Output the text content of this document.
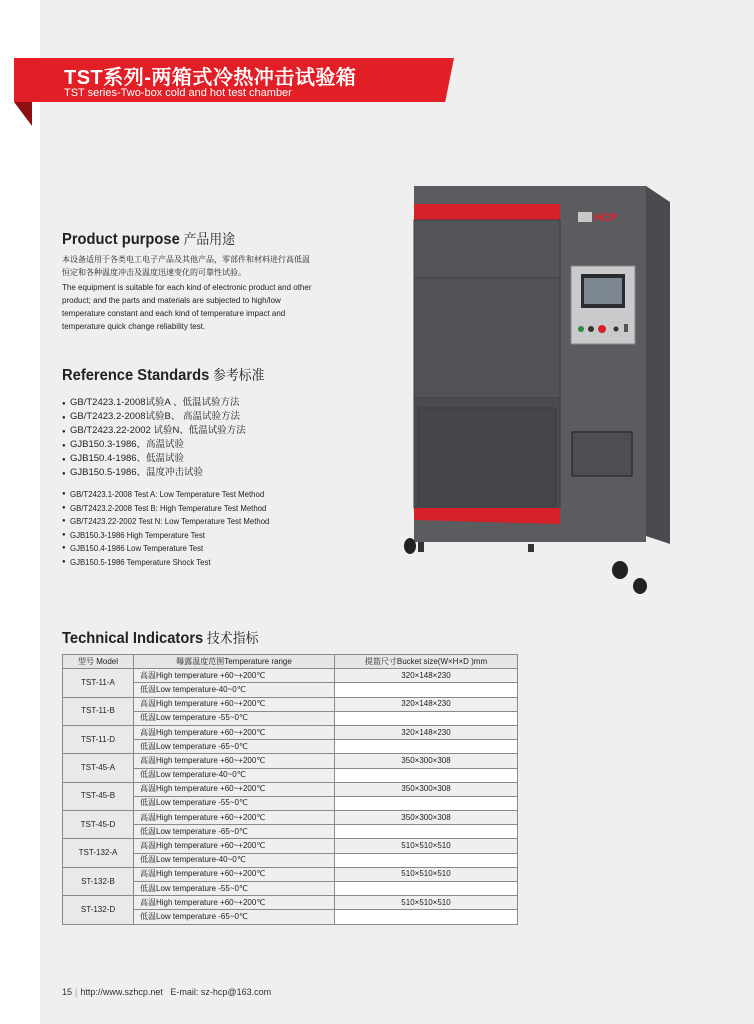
TST系列-两箱式冷热冲击试验箱
TST series-Two-box cold and hot test chamber
Product purpose 产品用途
本设备适用于各类电工电子产品及其他产品，零部件和材料进行高低温
恒定和各种温度冲击及温度迅速变化的可靠性试验。
The equipment is suitable for each kind of electronic product and other
product; and the parts and materials are subjected to high/low
temperature constant and each kind of temperature impact and
temperature quick change reliability test.
Reference Standards 参考标准
● GB/T2423.1-2008试验A 、低温试验方法
● GB/T2423.2-2008试验B、 高温试验方法
● GB/T2423.22-2002 试验N、低温试验方法
● GJB150.3-1986、高温试验
● GJB150.4-1986、低温试验
● GJB150.5-1986、温度冲击试验
● GB/T2423.1-2008 Test A: Low Temperature Test Method
● GB/T2423.2-2008 Test B: High Temperature Test Method
● GB/T2423.22-2002 Test N: Low Temperature Test Method
● GJB150.3-1986 High Temperature Test
● GJB150.4-1986 Low Temperature Test
● GJB150.5-1986 Temperature Shock Test
HCP
Technical Indicators 技术指标
型号 Model	曝露温度范围Temperature range	提篮尺寸Bucket size(W×H×D )mm
TST-11-A	高温High temperature +60~+200℃	320×148×230
	低温Low temperature-40~0℃	
TST-11-B	高温High temperature +60~+200℃	320×148×230
	低温Low temperature -55~0℃	
TST-11-D	高温High temperature +60~+200℃	320×148×230
	低温Low temperature -65~0℃	
TST-45-A	高温High temperature +60~+200℃	350×300×308
	低温Low temperature-40~0℃	
TST-45-B	高温High temperature +60~+200℃	350×300×308
	低温Low temperature -55~0℃	
TST-45-D	高温High temperature +60~+200℃	350×300×308
	低温Low temperature -65~0℃	
TST-132-A	高温High temperature +60~+200℃	510×510×510
	低温Low temperature-40~0℃	
ST-132-B	高温High temperature +60~+200℃	510×510×510
	低温Low temperature -55~0℃	
ST-132-D	高温High temperature +60~+200℃	510×510×510
	低温Low temperature -65~0℃	
15 | http://www.szhcp.net E-mail: sz-hcp@163.com
